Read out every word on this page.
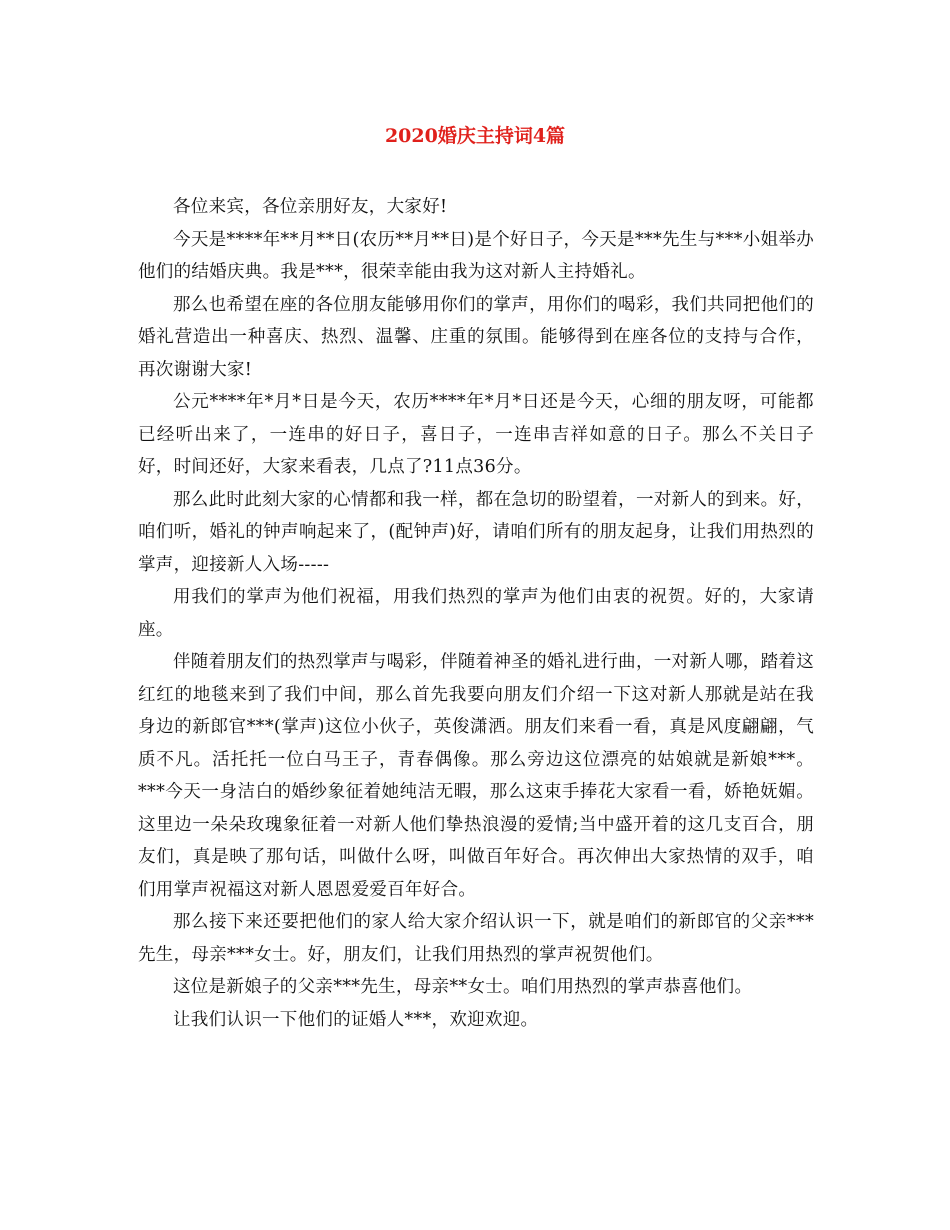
2020婚庆主持词4篇

各位来宾，各位亲朋好友，大家好!

今天是****年**月**日(农历**月**日)是个好日子，今天是***先生与***小姐举办他们的结婚庆典。我是***，很荣幸能由我为这对新人主持婚礼。

那么也希望在座的各位朋友能够用你们的掌声，用你们的喝彩，我们共同把他们的婚礼营造出一种喜庆、热烈、温馨、庄重的氛围。能够得到在座各位的支持与合作，再次谢谢大家!

公元****年*月*日是今天，农历****年*月*日还是今天，心细的朋友呀，可能都已经听出来了，一连串的好日子，喜日子，一连串吉祥如意的日子。那么不关日子好，时间还好，大家来看表，几点了?11点36分。

那么此时此刻大家的心情都和我一样，都在急切的盼望着，一对新人的到来。好，咱们听，婚礼的钟声响起来了，(配钟声)好，请咱们所有的朋友起身，让我们用热烈的掌声，迎接新人入场-----

用我们的掌声为他们祝福，用我们热烈的掌声为他们由衷的祝贺。好的，大家请座。

伴随着朋友们的热烈掌声与喝彩，伴随着神圣的婚礼进行曲，一对新人哪，踏着这红红的地毯来到了我们中间，那么首先我要向朋友们介绍一下这对新人那就是站在我身边的新郎官***(掌声)这位小伙子，英俊潇洒。朋友们来看一看，真是风度翩翩，气质不凡。活托托一位白马王子，青春偶像。那么旁边这位漂亮的姑娘就是新娘***。***今天一身洁白的婚纱象征着她纯洁无暇，那么这束手捧花大家看一看，娇艳妩媚。这里边一朵朵玫瑰象征着一对新人他们挚热浪漫的爱情;当中盛开着的这几支百合，朋友们，真是映了那句话，叫做什么呀，叫做百年好合。再次伸出大家热情的双手，咱们用掌声祝福这对新人恩恩爱爱百年好合。

那么接下来还要把他们的家人给大家介绍认识一下，就是咱们的新郎官的父亲***先生，母亲***女士。好，朋友们，让我们用热烈的掌声祝贺他们。

这位是新娘子的父亲***先生，母亲**女士。咱们用热烈的掌声恭喜他们。

让我们认识一下他们的证婚人***，欢迎欢迎。
